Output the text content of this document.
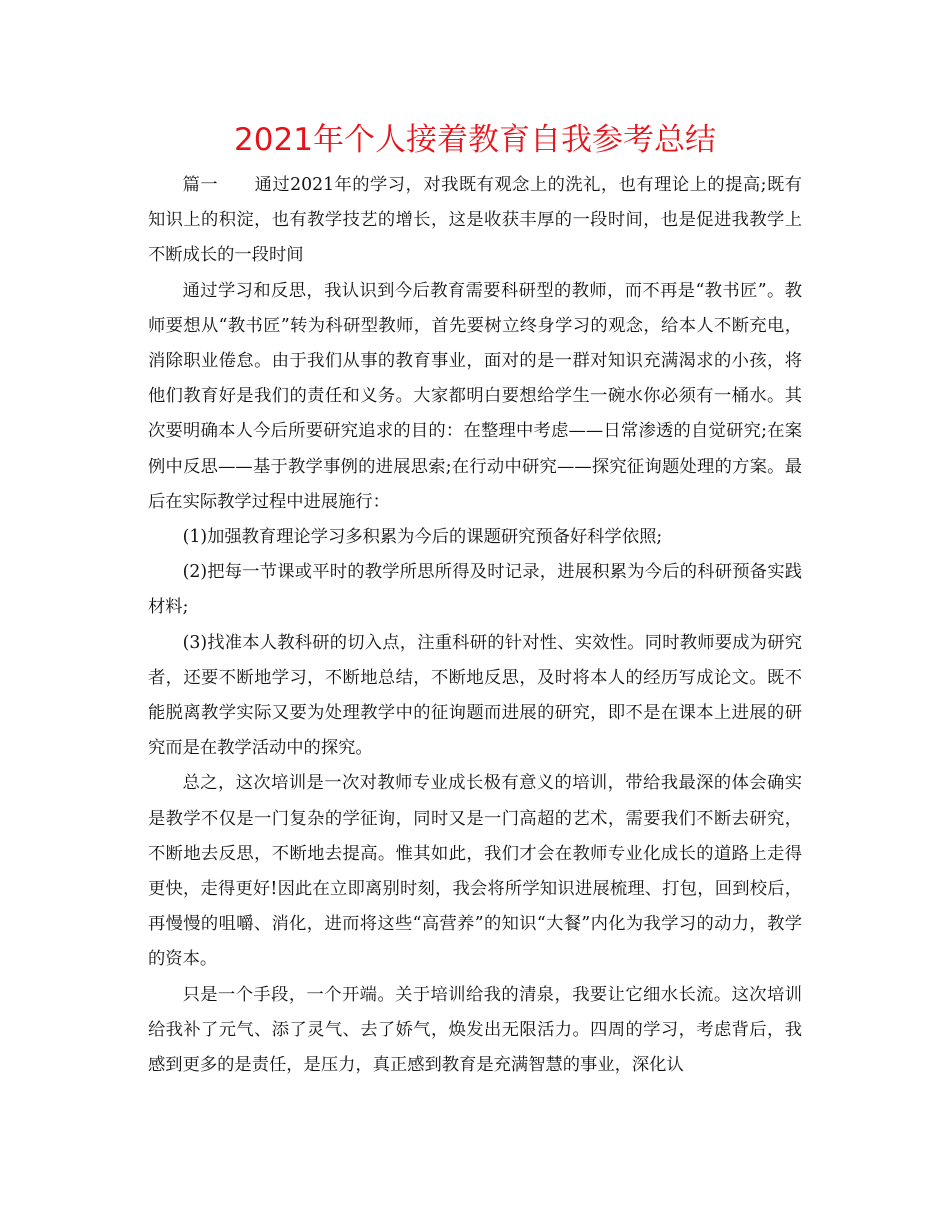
2021年个人接着教育自我参考总结

篇一 通过2021年的学习，对我既有观念上的洗礼，也有理论上的提高;既有知识上的积淀，也有教学技艺的增长，这是收获丰厚的一段时间，也是促进我教学上不断成长的一段时间

通过学习和反思，我认识到今后教育需要科研型的教师，而不再是“教书匠”。教师要想从“教书匠”转为科研型教师，首先要树立终身学习的观念，给本人不断充电，消除职业倦怠。由于我们从事的教育事业，面对的是一群对知识充满渴求的小孩，将他们教育好是我们的责任和义务。大家都明白要想给学生一碗水你必须有一桶水。其次要明确本人今后所要研究追求的目的：在整理中考虑——日常渗透的自觉研究;在案例中反思——基于教学事例的进展思索;在行动中研究——探究征询题处理的方案。最后在实际教学过程中进展施行：

(1)加强教育理论学习多积累为今后的课题研究预备好科学依照;

(2)把每一节课或平时的教学所思所得及时记录，进展积累为今后的科研预备实践材料;

(3)找准本人教科研的切入点，注重科研的针对性、实效性。同时教师要成为研究者，还要不断地学习，不断地总结，不断地反思，及时将本人的经历写成论文。既不能脱离教学实际又要为处理教学中的征询题而进展的研究，即不是在课本上进展的研究而是在教学活动中的探究。

总之，这次培训是一次对教师专业成长极有意义的培训，带给我最深的体会确实是教学不仅是一门复杂的学征询，同时又是一门高超的艺术，需要我们不断去研究，不断地去反思，不断地去提高。惟其如此，我们才会在教师专业化成长的道路上走得更快，走得更好!因此在立即离别时刻，我会将所学知识进展梳理、打包，回到校后，再慢慢的咀嚼、消化，进而将这些“高营养”的知识“大餐”内化为我学习的动力，教学的资本。

只是一个手段，一个开端。关于培训给我的清泉，我要让它细水长流。这次培训给我补了元气、添了灵气、去了娇气，焕发出无限活力。四周的学习，考虑背后，我感到更多的是责任，是压力，真正感到教育是充满智慧的事业，深化认
